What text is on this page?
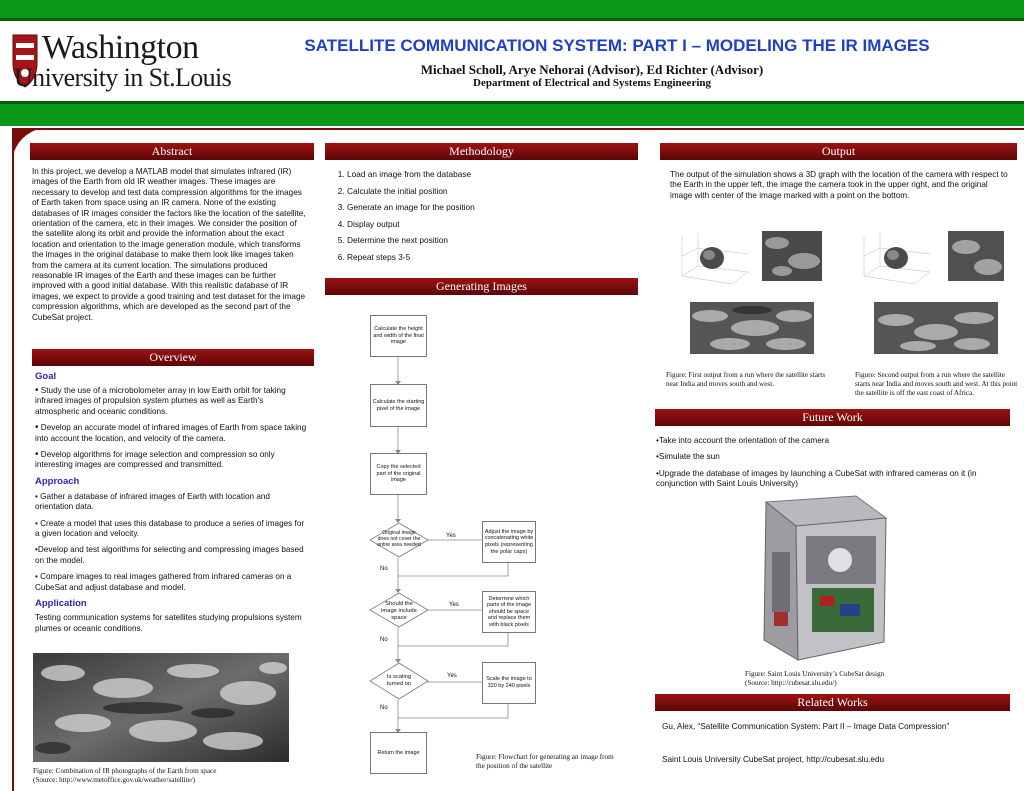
Washington
University in St.Louis
SATELLITE COMMUNICATION SYSTEM: PART I – MODELING THE IR IMAGES
Michael Scholl, Arye Nehorai (Advisor), Ed Richter (Advisor)
Department of Electrical and Systems Engineering
Abstract
In this project, we develop a MATLAB model that simulates infrared (IR) images of the Earth from old IR weather images. These images are necessary to develop and test data compression algorithms for the images of Earth taken from space using an IR camera. None of the existing databases of IR images consider the factors like the location of the satellite, orientation of the camera, etc in their images. We consider the position of the satellite along its orbit and provide the information about the exact location and orientation to the image generation module, which transforms the images in the original database to make them look like images taken from the camera at its current location. The simulations produced reasonable IR images of the Earth and these images can be further improved with a good initial database. With this realistic database of IR images, we expect to provide a good training and test dataset for the image compression algorithms, which are developed as the second part of the CubeSat project.
Overview
Goal
• Study the use of a microbolometer array in low Earth orbit for taking infrared images of propulsion system plumes as well as Earth's atmospheric and oceanic conditions.
• Develop an accurate model of infrared images of Earth from space taking into account the location, and velocity of the camera.
• Develop algorithms for image selection and compression so only interesting images are compressed and transmitted.
Approach
• Gather a database of infrared images of Earth with location and orientation data.
• Create a model that uses this database to produce a series of images for a given location and velocity.
•Develop and test algorithms for selecting and compressing images based on the model.
• Compare images to real images gathered from infrared cameras on a CubeSat and adjust database and model.
Application
Testing communication systems for satellites studying propulsions system plumes or oceanic conditions.
Figure: Combination of IR photographs of the Earth from space
(Source: http://www.metoffice.gov.uk/weather/satellite/)
Methodology
1. Load an image from the database
2. Calculate the initial position
3. Generate an image for the position
4. Display output
5. Determine the next position
6. Repeat steps 3-5
Generating Images
Calculate the height and width of the final image
Calculate the starting pixel of the image
Copy the selected part of the original image
Original image does not cover the entire area needed
Should the image include space
Is scaling turned on
Adjust the image by concatenating white pixels (representing the polar caps)
Determine which parts of the image should be space and replace them with black pixels
Scale the image to 320 by 240 pixels
Yes
Yes
Yes
No
No
No
Return the image
Figure: Flowchart for generating an image from the position of the satellite
Output
The output of the simulation shows a 3D graph with the location of the camera with respect to the Earth in the upper left, the image the camera took in the upper right, and the original image with center of the image marked with a point on the bottom.
Figure: First output from a run where the satellite starts near India and moves south and west.
Figure: Second output from a run where the satellite starts near India and moves south and west. At this point the satellite is off the east coast of Africa.
Future Work
•Take into account the orientation of the camera
•Simulate the sun
•Upgrade the database of images by launching a CubeSat with infrared cameras on it (in conjunction with Saint Louis University)
Figure: Saint Louis University’s CubeSat design
(Source: http://cubesat.slu.edu/)
Related Works
Gu, Alex, “Satellite Communication System: Part II – Image Data Compression”
Saint Louis University CubeSat project, http://cubesat.slu.edu
